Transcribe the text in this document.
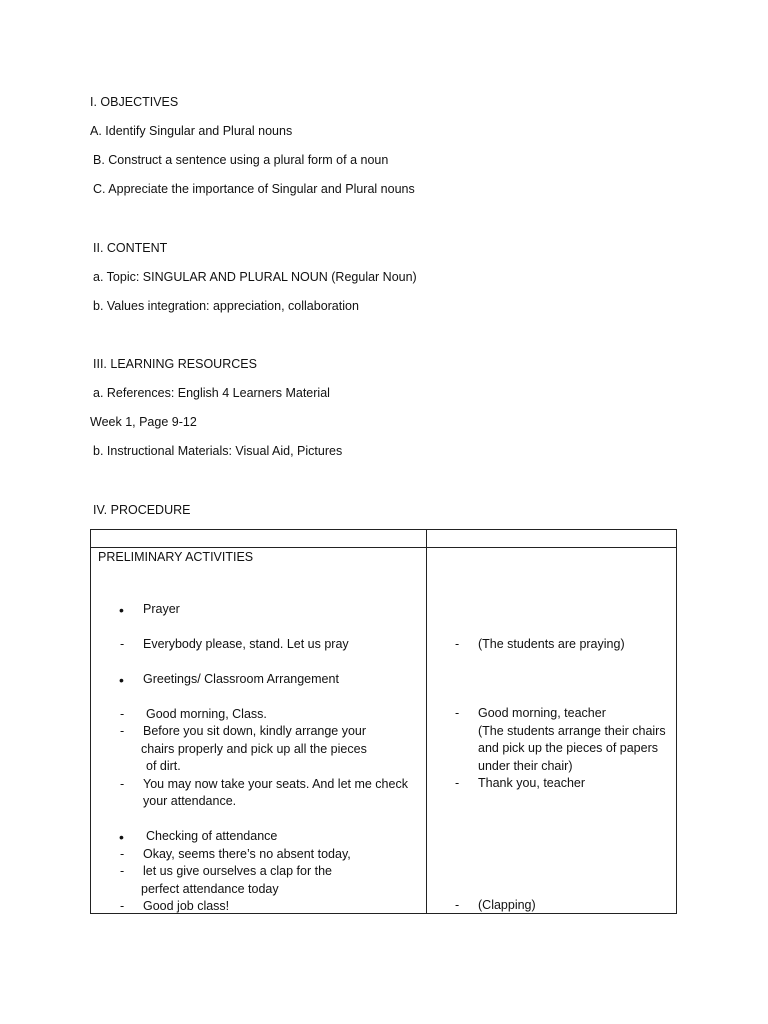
I. OBJECTIVES
A. Identify Singular and Plural nouns
B. Construct a sentence using a plural form of a noun
C. Appreciate the importance of Singular and Plural nouns
II. CONTENT
a. Topic: SINGULAR AND PLURAL NOUN (Regular Noun)
b. Values integration: appreciation, collaboration
III. LEARNING RESOURCES
a. References: English 4 Learners Material
Week 1, Page 9-12
b. Instructional Materials: Visual Aid, Pictures
IV. PROCEDURE
PRELIMINARY ACTIVITIES
• Prayer
- Everybody please, stand. Let us pray
• Greetings/ Classroom Arrangement
- Good morning, Class.
- Before you sit down, kindly arrange your
chairs properly and pick up all the pieces
of dirt.
- You may now take your seats. And let me check
your attendance.
• Checking of attendance
- Okay, seems there’s no absent today,
- let us give ourselves a clap for the
perfect attendance today
- Good job class!
- (The students are praying)
- Good morning, teacher
(The students arrange their chairs
and pick up the pieces of papers
under their chair)
- Thank you, teacher
- (Clapping)
